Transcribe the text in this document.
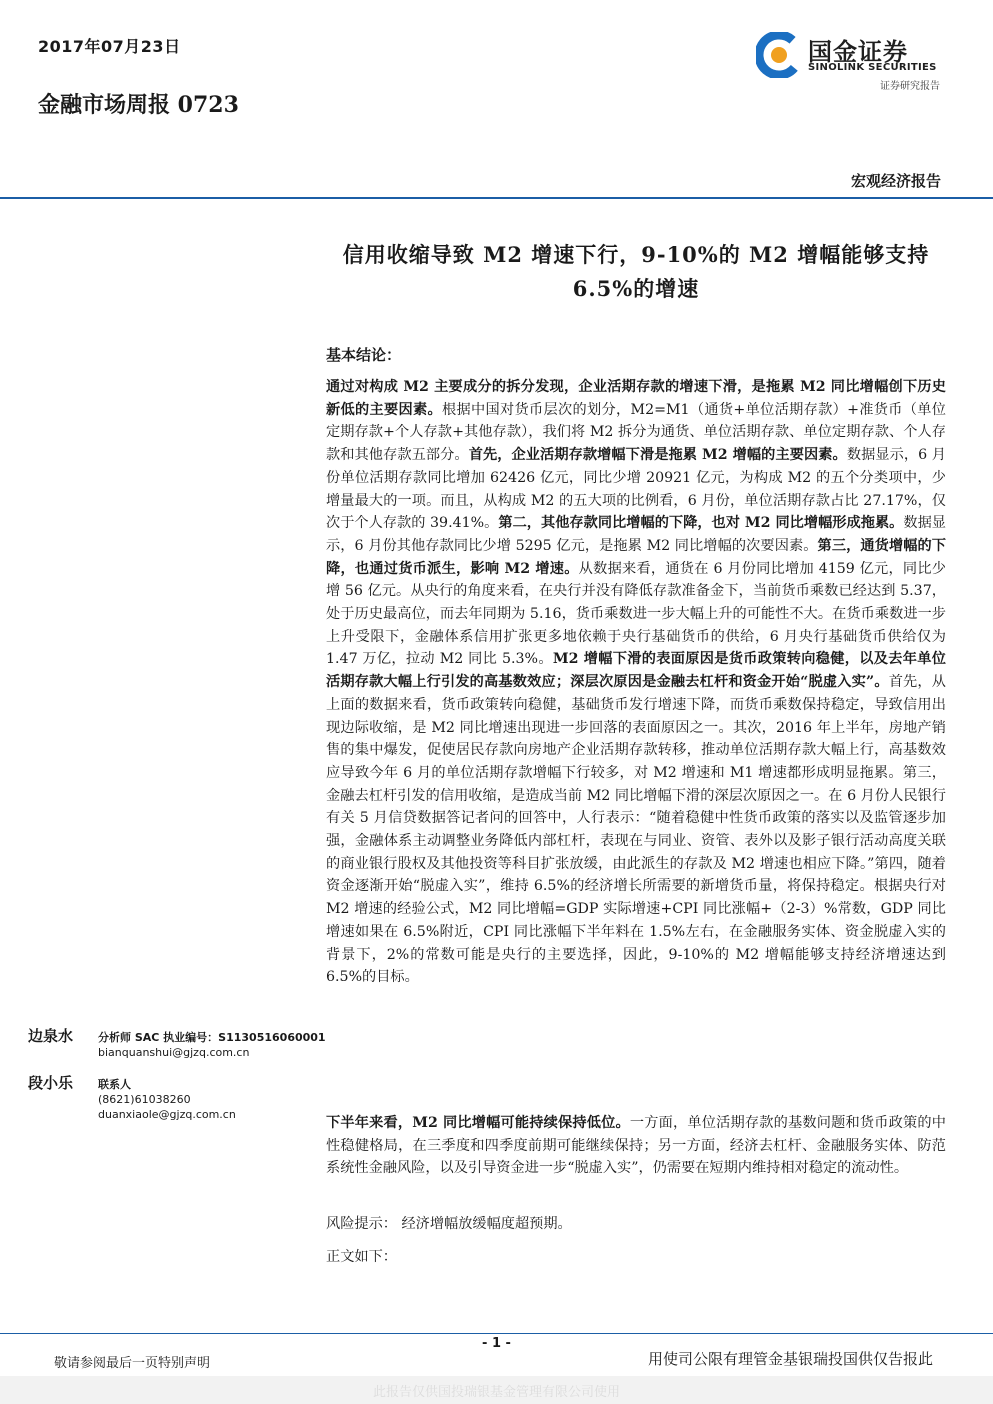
2017年07月23日
金融市场周报 0723
国金证券
SINOLINK SECURITIES
证券研究报告
宏观经济报告
信用收缩导致 M2 增速下行，9-10%的 M2 增幅能够支持
6.5%的增速
基本结论：
通过对构成 M2 主要成分的拆分发现，企业活期存款的增速下滑，是拖累 M2 同比增幅创下历史新低的主要因素。根据中国对货币层次的划分，M2=M1（通货+单位活期存款）+准货币（单位定期存款+个人存款+其他存款），我们将 M2 拆分为通货、单位活期存款、单位定期存款、个人存款和其他存款五部分。首先，企业活期存款增幅下滑是拖累 M2 增幅的主要因素。数据显示，6 月份单位活期存款同比增加 62426 亿元，同比少增 20921 亿元，为构成 M2 的五个分类项中，少增量最大的一项。而且，从构成 M2 的五大项的比例看，6 月份，单位活期存款占比 27.17%，仅次于个人存款的 39.41%。第二，其他存款同比增幅的下降，也对 M2 同比增幅形成拖累。数据显示，6 月份其他存款同比少增 5295 亿元，是拖累 M2 同比增幅的次要因素。第三，通货增幅的下降，也通过货币派生，影响 M2 增速。从数据来看，通货在 6 月份同比增加 4159 亿元，同比少增 56 亿元。从央行的角度来看，在央行并没有降低存款准备金下，当前货币乘数已经达到 5.37，处于历史最高位，而去年同期为 5.16，货币乘数进一步大幅上升的可能性不大。在货币乘数进一步上升受限下，金融体系信用扩张更多地依赖于央行基础货币的供给，6 月央行基础货币供给仅为 1.47 万亿，拉动 M2 同比 5.3%。M2 增幅下滑的表面原因是货币政策转向稳健，以及去年单位活期存款大幅上行引发的高基数效应；深层次原因是金融去杠杆和资金开始“脱虚入实”。首先，从上面的数据来看，货币政策转向稳健，基础货币发行增速下降，而货币乘数保持稳定，导致信用出现边际收缩，是 M2 同比增速出现进一步回落的表面原因之一。其次，2016 年上半年，房地产销售的集中爆发，促使居民存款向房地产企业活期存款转移，推动单位活期存款大幅上行，高基数效应导致今年 6 月的单位活期存款增幅下行较多，对 M2 增速和 M1 增速都形成明显拖累。第三，金融去杠杆引发的信用收缩，是造成当前 M2 同比增幅下滑的深层次原因之一。在 6 月份人民银行有关 5 月信贷数据答记者问的回答中，人行表示：“随着稳健中性货币政策的落实以及监管逐步加强，金融体系主动调整业务降低内部杠杆，表现在与同业、资管、表外以及影子银行活动高度关联的商业银行股权及其他投资等科目扩张放缓，由此派生的存款及 M2 增速也相应下降。”第四，随着资金逐渐开始“脱虚入实”，维持 6.5%的经济增长所需要的新增货币量，将保持稳定。根据央行对 M2 增速的经验公式，M2 同比增幅=GDP 实际增速+CPI 同比涨幅+（2-3）%常数，GDP 同比增速如果在 6.5%附近，CPI 同比涨幅下半年料在 1.5%左右，在金融服务实体、资金脱虚入实的背景下，2%的常数可能是央行的主要选择，因此，9-10%的 M2 增幅能够支持经济增速达到 6.5%的目标。
下半年来看，M2 同比增幅可能持续保持低位。一方面，单位活期存款的基数问题和货币政策的中性稳健格局，在三季度和四季度前期可能继续保持；另一方面，经济去杠杆、金融服务实体、防范系统性金融风险，以及引导资金进一步“脱虚入实”，仍需要在短期内维持相对稳定的流动性。
风险提示： 经济增幅放缓幅度超预期。
正文如下：
边泉水 分析师 SAC 执业编号：S1130516060001
bianquanshui@gjzq.com.cn
段小乐 联系人
(8621)61038260
duanxiaole@gjzq.com.cn
- 1 -
敬请参阅最后一页特别声明	用使司公限有理管金基银瑞投国供仅告报此
此报告仅供国投瑞银基金管理有限公司使用
